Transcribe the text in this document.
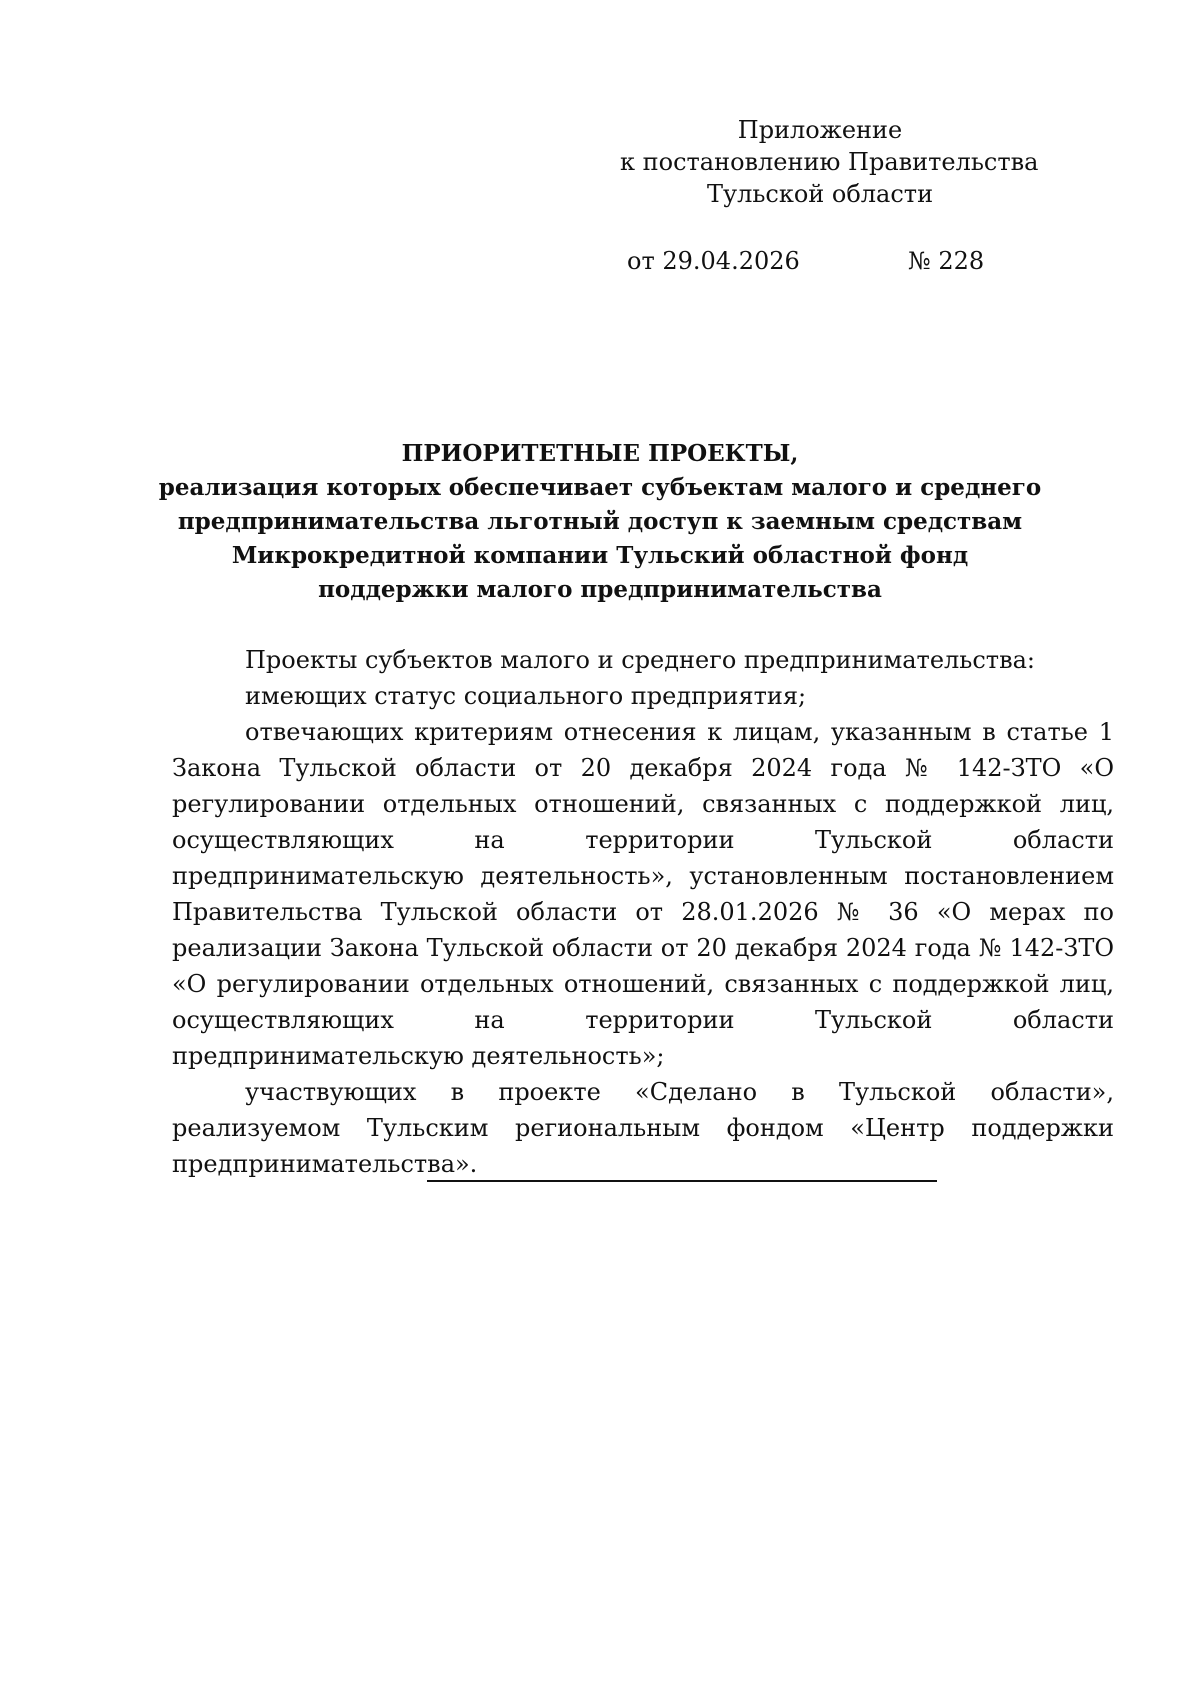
Приложение
к постановлению Правительства
Тульской области
от 29.04.2026	№ 228
ПРИОРИТЕТНЫЕ ПРОЕКТЫ,
реализация которых обеспечивает субъектам малого и среднего
предпринимательства льготный доступ к заемным средствам
Микрокредитной компании Тульский областной фонд
поддержки малого предпринимательства

Проекты субъектов малого и среднего предпринимательства:

имеющих статус социального предприятия;

отвечающих критериям отнесения к лицам, указанным в статье 1 Закона Тульской области от 20 декабря 2024 года № 142-ЗТО «О регулировании отдельных отношений, связанных с поддержкой лиц, осуществляющих на территории Тульской области предпринимательскую деятельность», установленным постановлением Правительства Тульской области от 28.01.2026 № 36 «О мерах по реализации Закона Тульской области от 20 декабря 2024 года № 142-ЗТО «О регулировании отдельных отношений, связанных с поддержкой лиц, осуществляющих на территории Тульской области предпринимательскую деятельность»;

участвующих в проекте «Сделано в Тульской области», реализуемом Тульским региональным фондом «Центр поддержки предпринимательства».
